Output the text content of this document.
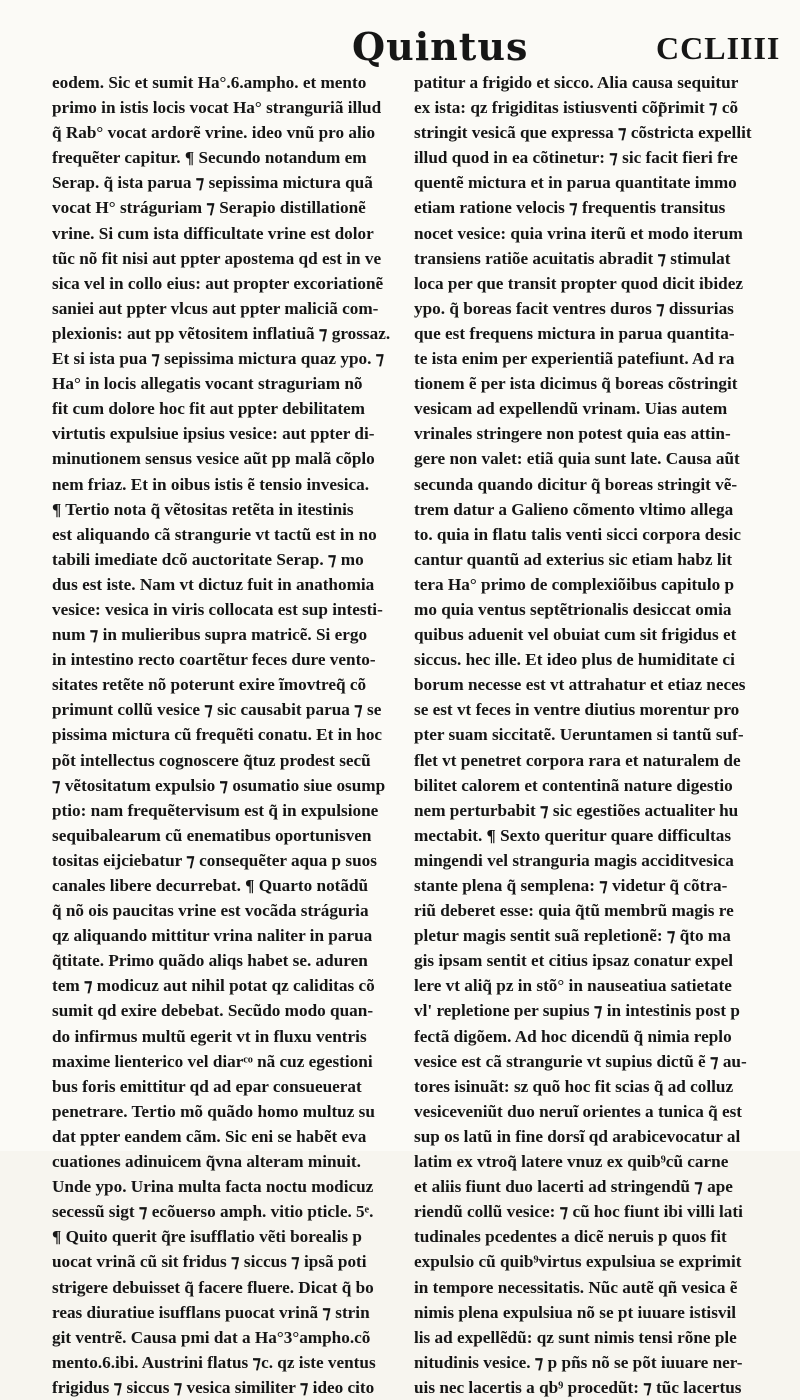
Quintus	CCLIIII
eodem. Sic et sumit Ha°.6.ampho. et mento
primo in istis locis vocat Ha° stranguriã illud
q̃ Rab° vocat ardorẽ vrine. ideo vnũ pro alio
frequẽter capitur. ¶ Secundo notandum em
Serap. q̃ ista parua ⁊ sepissima mictura quã
vocat H° stráguriam ⁊ Serapio distillationẽ
vrine. Si cum ista difficultate vrine est dolor
tũc nõ fit nisi aut ppter apostema qd est in ve
sica vel in collo eius: aut propter excoriationẽ
saniei aut ppter vlcus aut ppter maliciã com-
plexionis: aut pp vẽtositem inflatiuã ⁊ grossaz.
Et si ista pua ⁊ sepissima mictura quaz ypo. ⁊
Ha° in locis allegatis vocant straguriam nõ
fit cum dolore hoc fit aut ppter debilitatem
virtutis expulsiue ipsius vesice: aut ppter di-
minutionem sensus vesice aũt pp malã cõplo
nem friaz. Et in oibus istis ẽ tensio invesica.
¶ Tertio nota q̃ vẽtositas retẽta in itestinis
est aliquando cã strangurie vt tactũ est in no
tabili imediate dcõ auctoritate Serap. ⁊ mo
dus est iste. Nam vt dictuz fuit in anathomia
vesice: vesica in viris collocata est sup intesti-
num ⁊ in mulieribus supra matricẽ. Si ergo
in intestino recto coartẽtur feces dure vento-
sitates retẽte nõ poterunt exire ĩmovtreq̃ cõ
primunt collũ vesice ⁊ sic causabit parua ⁊ se
pissima mictura cũ frequẽti conatu. Et in hoc
põt intellectus cognoscere q̃tuz prodest secũ
⁊ vẽtositatum expulsio ⁊ osumatio siue osump
ptio: nam frequẽtervisum est q̃ in expulsione
sequibalearum cũ enematibus oportunisven
tositas eijciebatur ⁊ consequẽter aqua p suos
canales libere decurrebat. ¶ Quarto notãdũ
q̃ nõ ois paucitas vrine est vocãda stráguria
qz aliquando mittitur vrina naliter in parua
q̃titate. Primo quãdo aliqs habet se. aduren
tem ⁊ modicuz aut nihil potat qz caliditas cõ
sumit qd exire debebat. Secũdo modo quan-
do infirmus multũ egerit vt in fluxu ventris
maxime lienterico vel diarᶜᵒ nã cuz egestioni
bus foris emittitur qd ad epar consueuerat
penetrare. Tertio mõ quãdo homo multuz su
dat ppter eandem cãm. Sic eni se habẽt eva
cuationes adinuicem q̃vna alteram minuit.
Unde ypo. Urina multa facta noctu modicuz
secessũ sigt ⁊ ecõuerso amph. vitio pticle. 5ᵉ.
¶ Quito querit q̃re isufflatio vẽti borealis p
uocat vrinã cũ sit fridus ⁊ siccus ⁊ ipsã poti
strigere debuisset q̃ facere fluere. Dicat q̃ bo
reas diuratiue isufflans puocat vrinã ⁊ strin
git ventrẽ. Causa pmi dat a Ha°3°ampho.cõ
mento.6.ibi. Austrini flatus ⁊c. qz iste ventus
frigidus ⁊ siccus ⁊ vesica similiter ⁊ ideo cito
patitur a frigido et sicco. Alia causa sequitur
ex ista: qz frigiditas istiusventi cõp͂rimit ⁊ cõ
stringit vesicã que expressa ⁊ cõstricta expellit
illud quod in ea cõtinetur: ⁊ sic facit fieri fre
quentẽ mictura et in parua quantitate immo
etiam ratione velocis ⁊ frequentis transitus
nocet vesice: quia vrina iterũ et modo iterum
transiens ratiõe acuitatis abradit ⁊ stimulat
loca per que transit propter quod dicit ibidez
ypo. q̃ boreas facit ventres duros ⁊ dissurias
que est frequens mictura in parua quantita-
te ista enim per experientiã patefiunt. Ad ra
tionem ẽ per ista dicimus q̃ boreas cõstringit
vesicam ad expellendũ vrinam. Uias autem
vrinales stringere non potest quia eas attin-
gere non valet: etiã quia sunt late. Causa aũt
secunda quando dicitur q̃ boreas stringit vẽ-
trem datur a Galieno cõmento vltimo allega
to. quia in flatu talis venti sicci corpora desic
cantur quantũ ad exterius sic etiam habz lit
tera Ha° primo de complexiõibus capitulo p
mo quia ventus septẽtrionalis desiccat omia
quibus aduenit vel obuiat cum sit frigidus et
siccus. hec ille. Et ideo plus de humiditate ci
borum necesse est vt attrahatur et etiaz neces
se est vt feces in ventre diutius morentur pro
pter suam siccitatẽ. Ueruntamen si tantũ suf-
flet vt penetret corpora rara et naturalem de
bilitet calorem et contentinã nature digestio
nem perturbabit ⁊ sic egestiões actualiter hu
mectabit. ¶ Sexto queritur quare difficultas
mingendi vel stranguria magis acciditvesica
stante plena q̃ semplena: ⁊ videtur q̃ cõtra-
riũ deberet esse: quia q̃tũ membrũ magis re
pletur magis sentit suã repletionẽ: ⁊ q̃to ma
gis ipsam sentit et citius ipsaz conatur expel
lere vt aliq̃ pz in stõ° in nauseatiua satietate
vl' repletione per supius ⁊ in intestinis post p
fectã digõem. Ad hoc dicendũ q̃ nimia replo
vesice est cã strangurie vt supius dictũ ẽ ⁊ au-
tores isinuãt: sz quõ hoc fit scias q̃ ad colluz
vesiceveniũt duo neruĩ orientes a tunica q̃ est
sup os latũ in fine dorsĩ qd arabicevocatur al
latim ex vtroq̃ latere vnuz ex quib⁹cũ carne
et aliis fiunt duo lacerti ad stringendũ ⁊ ape
riendũ collũ vesice: ⁊ cũ hoc fiunt ibi villi lati
tudinales pcedentes a dicẽ neruis p quos fit
expulsio cũ quib⁹virtus expulsiua se exprimit
in tempore necessitatis. Nũc autẽ qñ vesica ẽ
nimis plena expulsiua nõ se pt iuuare istisvil
lis ad expellẽdũ: qz sunt nimis tensi rõne ple
nitudinis vesice. ⁊ p pñs nõ se põt iuuare ner-
uis nec lacertis a qb⁹ procedũt: ⁊ tũc lacertus
